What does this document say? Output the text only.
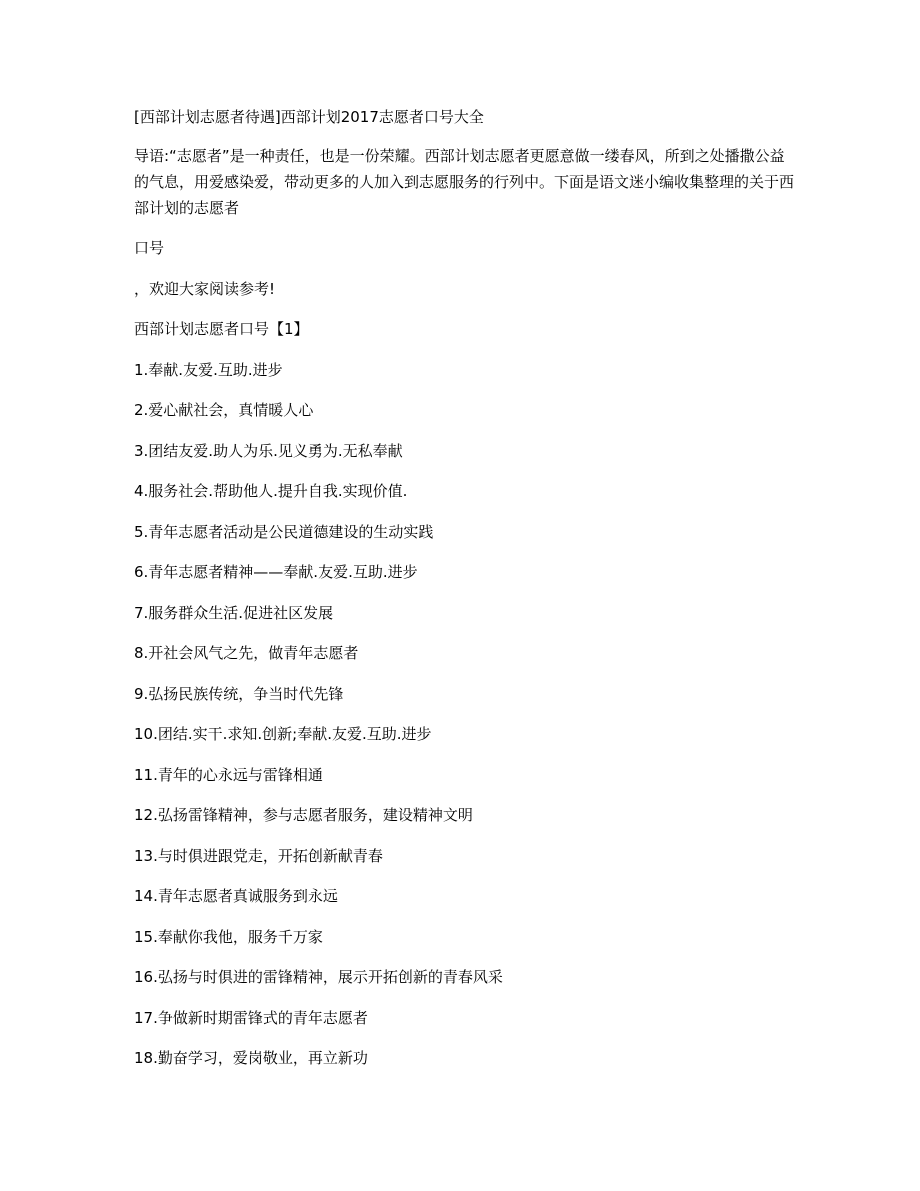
[西部计划志愿者待遇]西部计划2017志愿者口号大全

导语:“志愿者”是一种责任，也是一份荣耀。西部计划志愿者更愿意做一缕春风，所到之处播撒公益的气息，用爱感染爱，带动更多的人加入到志愿服务的行列中。下面是语文迷小编收集整理的关于西部计划的志愿者

口号

，欢迎大家阅读参考!

西部计划志愿者口号【1】

1.奉献.友爱.互助.进步
2.爱心献社会，真情暖人心
3.团结友爱.助人为乐.见义勇为.无私奉献
4.服务社会.帮助他人.提升自我.实现价值.
5.青年志愿者活动是公民道德建设的生动实践
6.青年志愿者精神——奉献.友爱.互助.进步
7.服务群众生活.促进社区发展
8.开社会风气之先，做青年志愿者
9.弘扬民族传统，争当时代先锋
10.团结.实干.求知.创新;奉献.友爱.互助.进步
11.青年的心永远与雷锋相通
12.弘扬雷锋精神，参与志愿者服务，建设精神文明
13.与时俱进跟党走，开拓创新献青春
14.青年志愿者真诚服务到永远
15.奉献你我他，服务千万家
16.弘扬与时俱进的雷锋精神，展示开拓创新的青春风采
17.争做新时期雷锋式的青年志愿者
18.勤奋学习，爱岗敬业，再立新功
